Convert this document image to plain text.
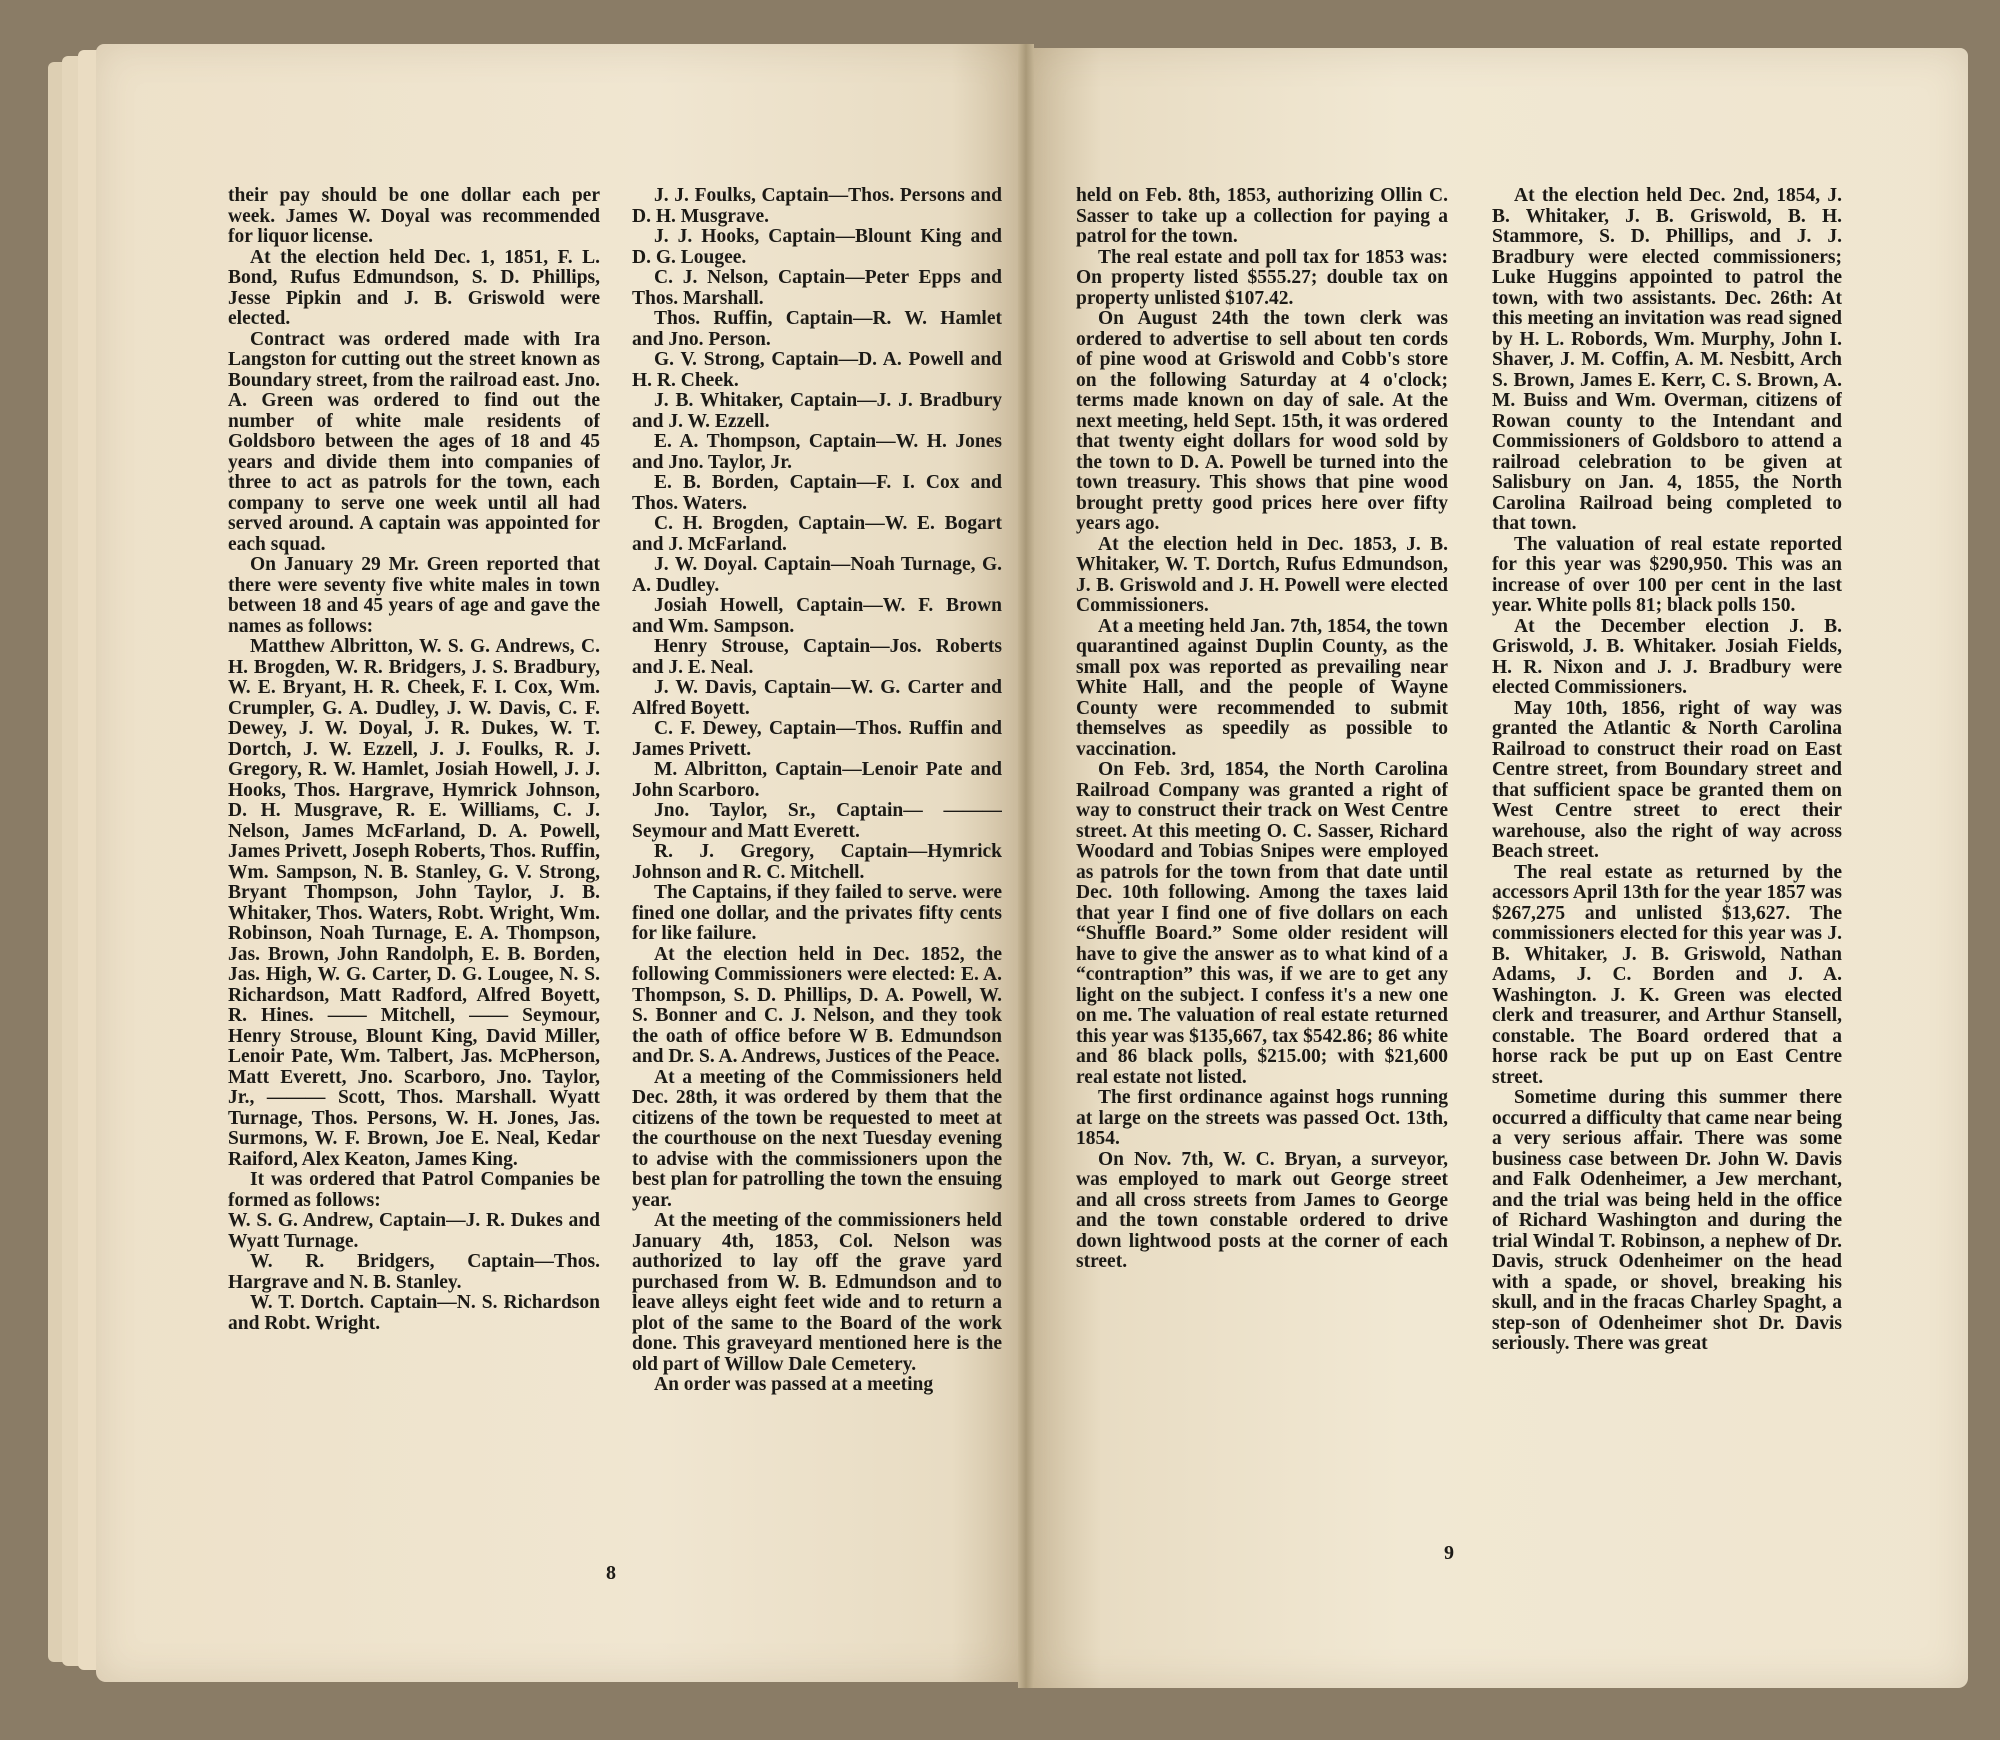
their pay should be one dollar each per week. James W. Doyal was recommended for liquor license.

At the election held Dec. 1, 1851, F. L. Bond, Rufus Edmundson, S. D. Phillips, Jesse Pipkin and J. B. Griswold were elected.

Contract was ordered made with Ira Langston for cutting out the street known as Boundary street, from the railroad east. Jno. A. Green was ordered to find out the number of white male residents of Goldsboro between the ages of 18 and 45 years and divide them into companies of three to act as patrols for the town, each company to serve one week until all had served around. A captain was appointed for each squad.

On January 29 Mr. Green reported that there were seventy five white males in town between 18 and 45 years of age and gave the names as follows:

Matthew Albritton, W. S. G. Andrews, C. H. Brogden, W. R. Bridgers, J. S. Bradbury, W. E. Bryant, H. R. Cheek, F. I. Cox, Wm. Crumpler, G. A. Dudley, J. W. Davis, C. F. Dewey, J. W. Doyal, J. R. Dukes, W. T. Dortch, J. W. Ezzell, J. J. Foulks, R. J. Gregory, R. W. Hamlet, Josiah Howell, J. J. Hooks, Thos. Hargrave, Hymrick Johnson, D. H. Musgrave, R. E. Williams, C. J. Nelson, James McFarland, D. A. Powell, James Privett, Joseph Roberts, Thos. Ruffin, Wm. Sampson, N. B. Stanley, G. V. Strong, Bryant Thompson, John Taylor, J. B. Whitaker, Thos. Waters, Robt. Wright, Wm. Robinson, Noah Turnage, E. A. Thompson, Jas. Brown, John Randolph, E. B. Borden, Jas. High, W. G. Carter, D. G. Lougee, N. S. Richardson, Matt Radford, Alfred Boyett, R. Hines. —— Mitchell, —— Seymour, Henry Strouse, Blount King, David Miller, Lenoir Pate, Wm. Talbert, Jas. McPherson, Matt Everett, Jno. Scarboro, Jno. Taylor, Jr., ——— Scott, Thos. Marshall. Wyatt Turnage, Thos. Persons, W. H. Jones, Jas. Surmons, W. F. Brown, Joe E. Neal, Kedar Raiford, Alex Keaton, James King.

It was ordered that Patrol Companies be formed as follows:

W. S. G. Andrew, Captain—J. R. Dukes and Wyatt Turnage.

W. R. Bridgers, Captain—Thos. Hargrave and N. B. Stanley.

W. T. Dortch. Captain—N. S. Richardson and Robt. Wright.

J. J. Foulks, Captain—Thos. Persons and D. H. Musgrave.

J. J. Hooks, Captain—Blount King and D. G. Lougee.

C. J. Nelson, Captain—Peter Epps and Thos. Marshall.

Thos. Ruffin, Captain—R. W. Hamlet and Jno. Person.

G. V. Strong, Captain—D. A. Powell and H. R. Cheek.

J. B. Whitaker, Captain—J. J. Bradbury and J. W. Ezzell.

E. A. Thompson, Captain—W. H. Jones and Jno. Taylor, Jr.

E. B. Borden, Captain—F. I. Cox and Thos. Waters.

C. H. Brogden, Captain—W. E. Bogart and J. McFarland.

J. W. Doyal. Captain—Noah Turnage, G. A. Dudley.

Josiah Howell, Captain—W. F. Brown and Wm. Sampson.

Henry Strouse, Captain—Jos. Roberts and J. E. Neal.

J. W. Davis, Captain—W. G. Carter and Alfred Boyett.

C. F. Dewey, Captain—Thos. Ruffin and James Privett.

M. Albritton, Captain—Lenoir Pate and John Scarboro.

Jno. Taylor, Sr., Captain— ——— Seymour and Matt Everett.

R. J. Gregory, Captain—Hymrick Johnson and R. C. Mitchell.

The Captains, if they failed to serve. were fined one dollar, and the privates fifty cents for like failure.

At the election held in Dec. 1852, the following Commissioners were elected: E. A. Thompson, S. D. Phillips, D. A. Powell, W. S. Bonner and C. J. Nelson, and they took the oath of office before W B. Edmundson and Dr. S. A. Andrews, Justices of the Peace.

At a meeting of the Commissioners held Dec. 28th, it was ordered by them that the citizens of the town be requested to meet at the courthouse on the next Tuesday evening to advise with the commissioners upon the best plan for patrolling the town the ensuing year.

At the meeting of the commissioners held January 4th, 1853, Col. Nelson was authorized to lay off the grave yard purchased from W. B. Edmundson and to leave alleys eight feet wide and to return a plot of the same to the Board of the work done. This graveyard mentioned here is the old part of Willow Dale Cemetery.

An order was passed at a meeting

held on Feb. 8th, 1853, authorizing Ollin C. Sasser to take up a collection for paying a patrol for the town.

The real estate and poll tax for 1853 was: On property listed $555.27; double tax on property unlisted $107.42.

On August 24th the town clerk was ordered to advertise to sell about ten cords of pine wood at Griswold and Cobb's store on the following Saturday at 4 o'clock; terms made known on day of sale. At the next meeting, held Sept. 15th, it was ordered that twenty eight dollars for wood sold by the town to D. A. Powell be turned into the town treasury. This shows that pine wood brought pretty good prices here over fifty years ago.

At the election held in Dec. 1853, J. B. Whitaker, W. T. Dortch, Rufus Edmundson, J. B. Griswold and J. H. Powell were elected Commissioners.

At a meeting held Jan. 7th, 1854, the town quarantined against Duplin County, as the small pox was reported as prevailing near White Hall, and the people of Wayne County were recommended to submit themselves as speedily as possible to vaccination.

On Feb. 3rd, 1854, the North Carolina Railroad Company was granted a right of way to construct their track on West Centre street. At this meeting O. C. Sasser, Richard Woodard and Tobias Snipes were employed as patrols for the town from that date until Dec. 10th following. Among the taxes laid that year I find one of five dollars on each “Shuffle Board.” Some older resident will have to give the answer as to what kind of a “contraption” this was, if we are to get any light on the subject. I confess it's a new one on me. The valuation of real estate returned this year was $135,667, tax $542.86; 86 white and 86 black polls, $215.00; with $21,600 real estate not listed.

The first ordinance against hogs running at large on the streets was passed Oct. 13th, 1854.

On Nov. 7th, W. C. Bryan, a surveyor, was employed to mark out George street and all cross streets from James to George and the town constable ordered to drive down lightwood posts at the corner of each street.

At the election held Dec. 2nd, 1854, J. B. Whitaker, J. B. Griswold, B. H. Stammore, S. D. Phillips, and J. J. Bradbury were elected commissioners; Luke Huggins appointed to patrol the town, with two assistants. Dec. 26th: At this meeting an invitation was read signed by H. L. Robords, Wm. Murphy, John I. Shaver, J. M. Coffin, A. M. Nesbitt, Arch S. Brown, James E. Kerr, C. S. Brown, A. M. Buiss and Wm. Overman, citizens of Rowan county to the Intendant and Commissioners of Goldsboro to attend a railroad celebration to be given at Salisbury on Jan. 4, 1855, the North Carolina Railroad being completed to that town.

The valuation of real estate reported for this year was $290,950. This was an increase of over 100 per cent in the last year. White polls 81; black polls 150.

At the December election J. B. Griswold, J. B. Whitaker. Josiah Fields, H. R. Nixon and J. J. Bradbury were elected Commissioners.

May 10th, 1856, right of way was granted the Atlantic & North Carolina Railroad to construct their road on East Centre street, from Boundary street and that sufficient space be granted them on West Centre street to erect their warehouse, also the right of way across Beach street.

The real estate as returned by the accessors April 13th for the year 1857 was $267,275 and unlisted $13,627. The commissioners elected for this year was J. B. Whitaker, J. B. Griswold, Nathan Adams, J. C. Borden and J. A. Washington. J. K. Green was elected clerk and treasurer, and Arthur Stansell, constable. The Board ordered that a horse rack be put up on East Centre street.

Sometime during this summer there occurred a difficulty that came near being a very serious affair. There was some business case between Dr. John W. Davis and Falk Odenheimer, a Jew merchant, and the trial was being held in the office of Richard Washington and during the trial Windal T. Robinson, a nephew of Dr. Davis, struck Odenheimer on the head with a spade, or shovel, breaking his skull, and in the fracas Charley Spaght, a step-son of Odenheimer shot Dr. Davis seriously. There was great

8
9
